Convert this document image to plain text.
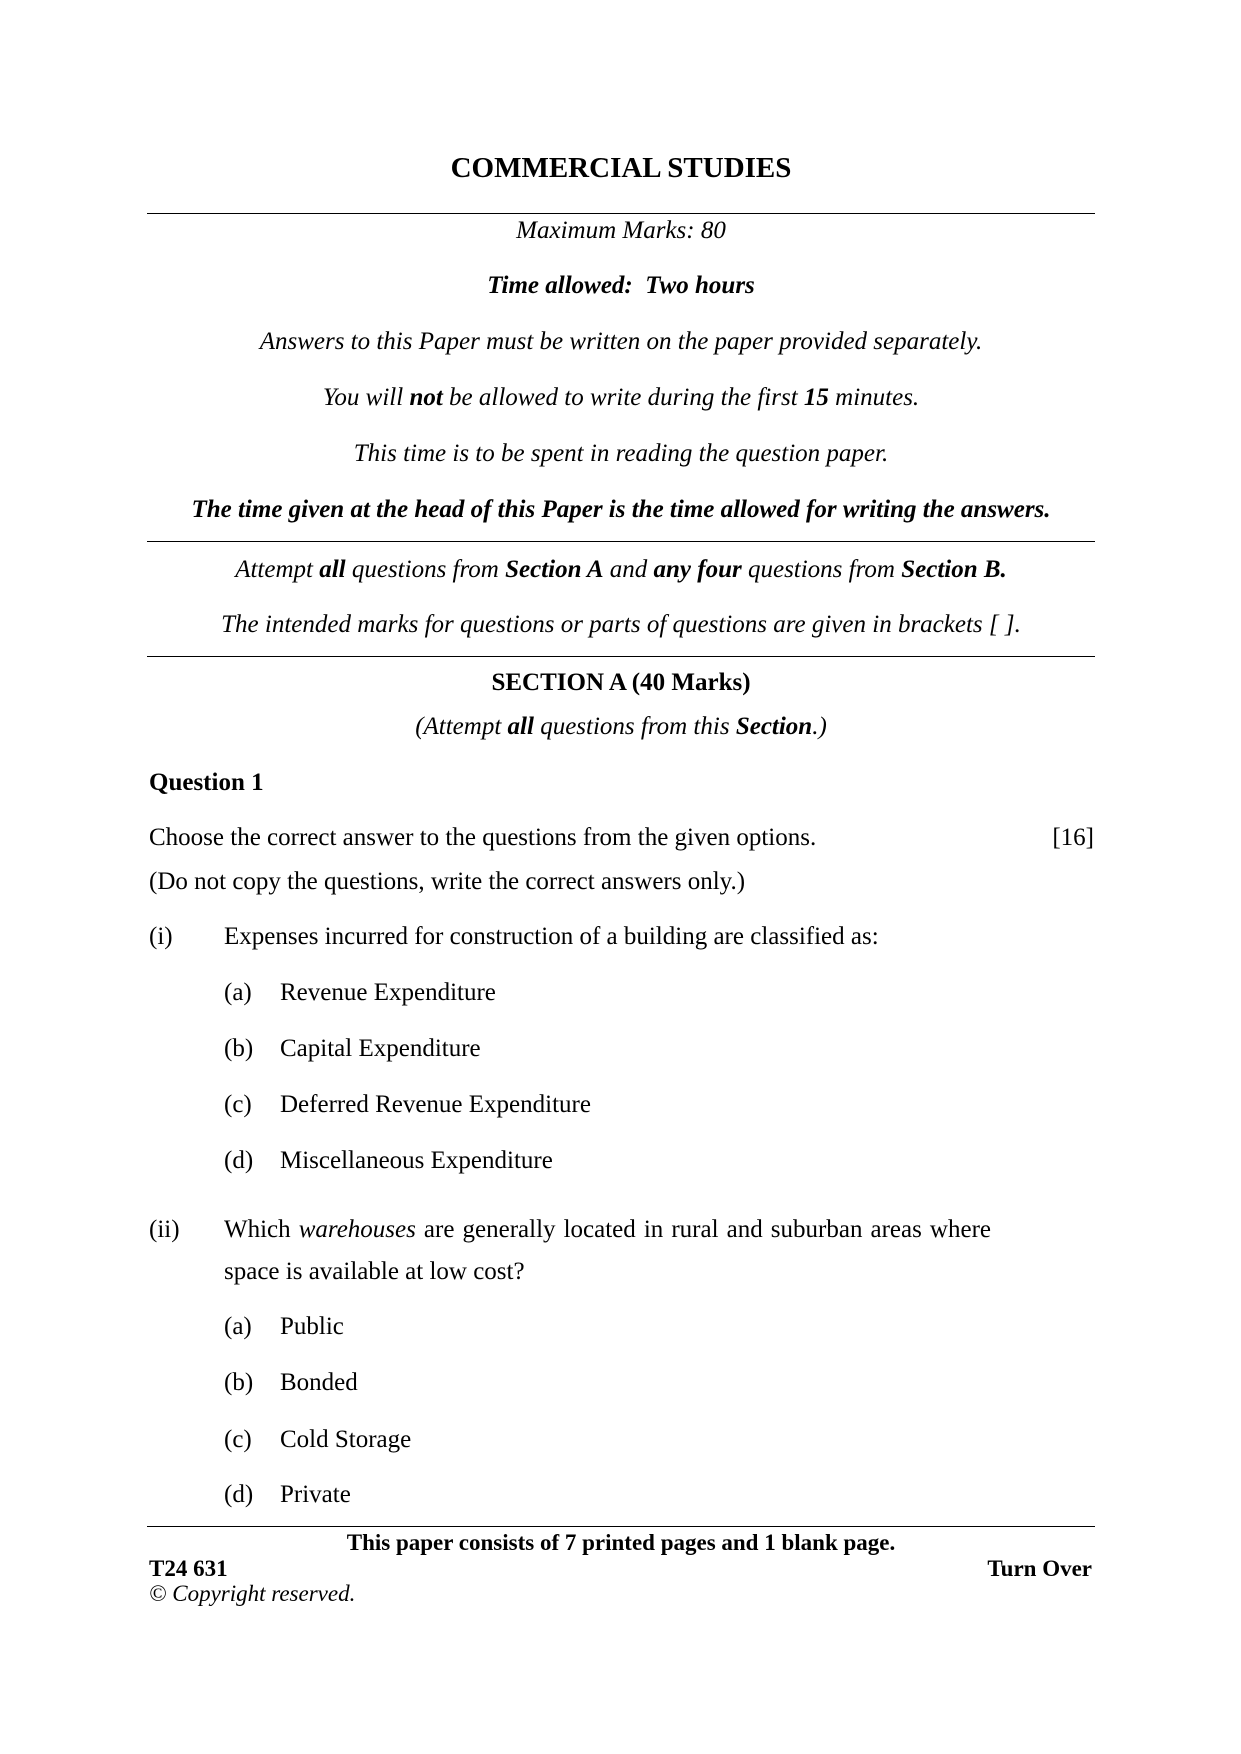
COMMERCIAL STUDIES
Maximum Marks: 80
Time allowed:  Two hours
Answers to this Paper must be written on the paper provided separately.
You will not be allowed to write during the first 15 minutes.
This time is to be spent in reading the question paper.
The time given at the head of this Paper is the time allowed for writing the answers.
Attempt all questions from Section A and any four questions from Section B.
The intended marks for questions or parts of questions are given in brackets [ ].
SECTION A (40 Marks)
(Attempt all questions from this Section.)
Question 1
Choose the correct answer to the questions from the given options.	[16]
(Do not copy the questions, write the correct answers only.)
(i) Expenses incurred for construction of a building are classified as:
(a) Revenue Expenditure
(b) Capital Expenditure
(c) Deferred Revenue Expenditure
(d) Miscellaneous Expenditure
(ii) Which warehouses are generally located in rural and suburban areas where
space is available at low cost?
(a) Public
(b) Bonded
(c) Cold Storage
(d) Private
This paper consists of 7 printed pages and 1 blank page.
T24 631	Turn Over
© Copyright reserved.
